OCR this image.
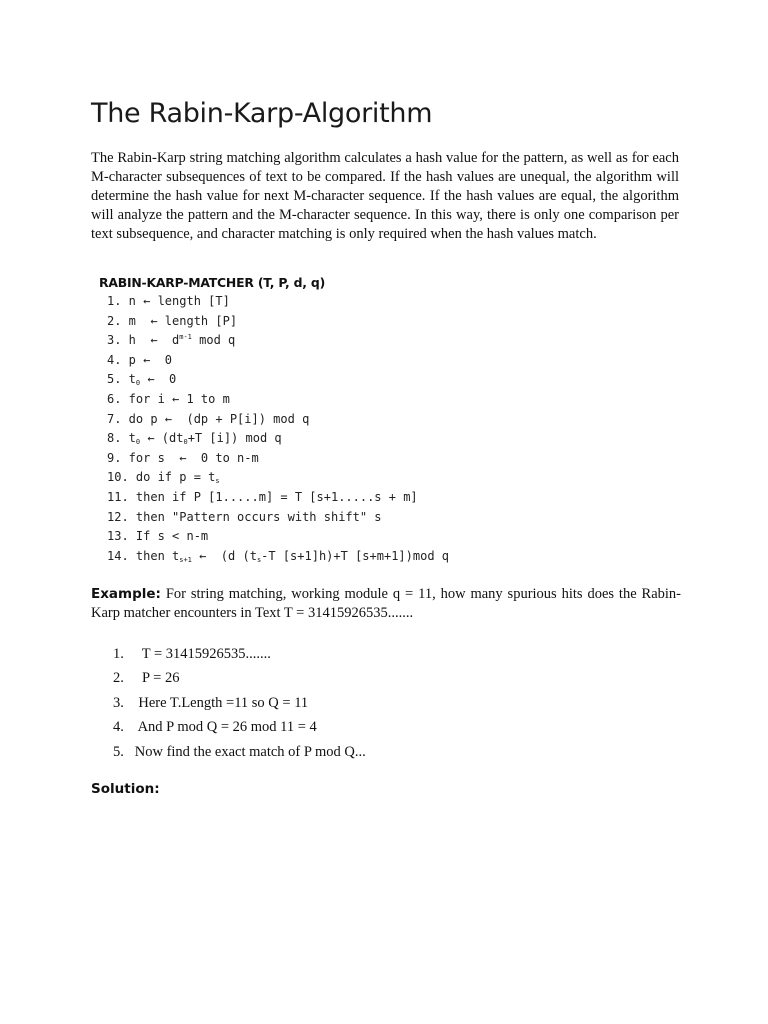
The Rabin-Karp-Algorithm

The Rabin-Karp string matching algorithm calculates a hash value for the pattern, as well as for each M-character subsequences of text to be compared. If the hash values are unequal, the algorithm will determine the hash value for next M-character sequence. If the hash values are equal, the algorithm will analyze the pattern and the M-character sequence. In this way, there is only one comparison per text subsequence, and character matching is only required when the hash values match.

RABIN-KARP-MATCHER (T, P, d, q)
1. n ← length [T]
2. m  ← length [P]
3. h  ←  $d^{m-1}$ mod q
4. p ←  0
5. $t_0$ ←  0
6. for i ← 1 to m
7. do p ←  (dp + P[i]) mod q
8. $t_0$ ← ($dt_0+T$ [i]) mod q
9. for s  ←  0 to n-m
10. do if $p = t_s$
11. then if P [1.....m] = T [s+1.....s + m]
12. then "Pattern occurs with shift" s
13. If s < n-m
14. then $t_{s+1}$ ←  (d ($t_s-T$ [s+1]h)+T [s+m+1])mod q

Example: For string matching, working module q = 11, how many spurious hits does the Rabin-Karp matcher encounters in Text T = 31415926535.......

1.     T = 31415926535.......
2.     P = 26
3.    Here T.Length =11 so Q = 11
4.    And P mod Q = 26 mod 11 = 4
5.   Now find the exact match of P mod Q...
Solution:
